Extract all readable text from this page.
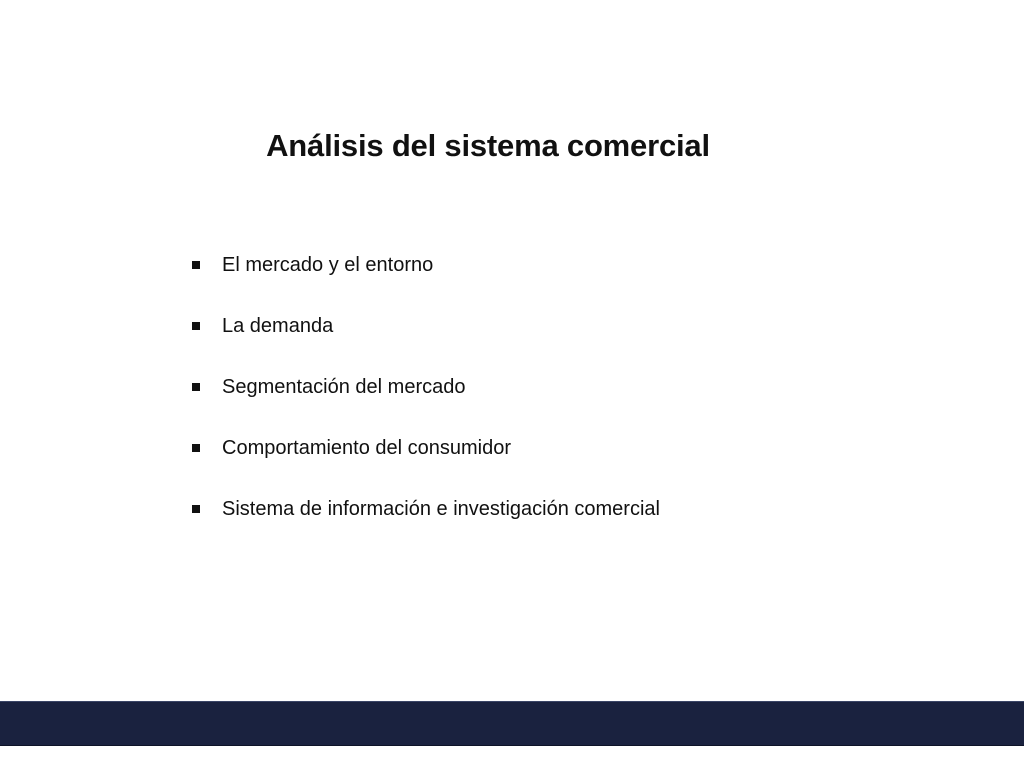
Análisis del sistema comercial
El mercado y el entorno
La demanda
Segmentación del mercado
Comportamiento del consumidor
Sistema de información e investigación comercial
